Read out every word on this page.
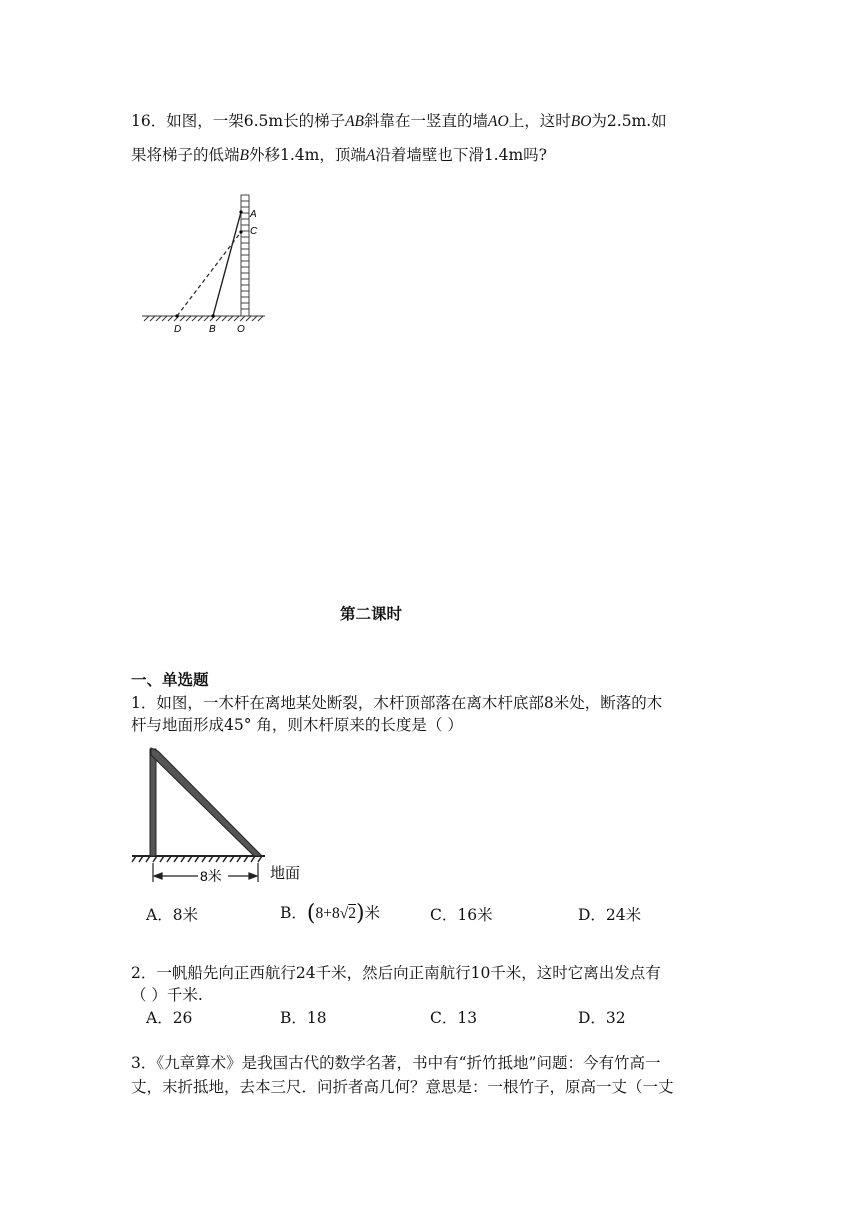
16．如图，一架6.5m长的梯子AB斜靠在一竖直的墙AO上，这时BO为2.5m.如
果将梯子的低端B外移1.4m，顶端A沿着墙壁也下滑1.4m吗?
A
C
D	B O
第二课时
一、单选题
1．如图，一木杆在离地某处断裂，木杆顶部落在离木杆底部8米处，断落的木
杆与地面形成45° 角，则木杆原来的长度是（ ）
8米	地面
A．8米	B．(8+8√2)米	C．16米	D．24米
2．一帆船先向正西航行24千米，然后向正南航行10千米，这时它离出发点有
（ ）千米.
A．26	B．18	C．13	D．32
3．《九章算术》是我国古代的数学名著，书中有“折竹抵地”问题：今有竹高一
丈，末折抵地，去本三尺．问折者高几何？意思是：一根竹子，原高一丈（一丈
